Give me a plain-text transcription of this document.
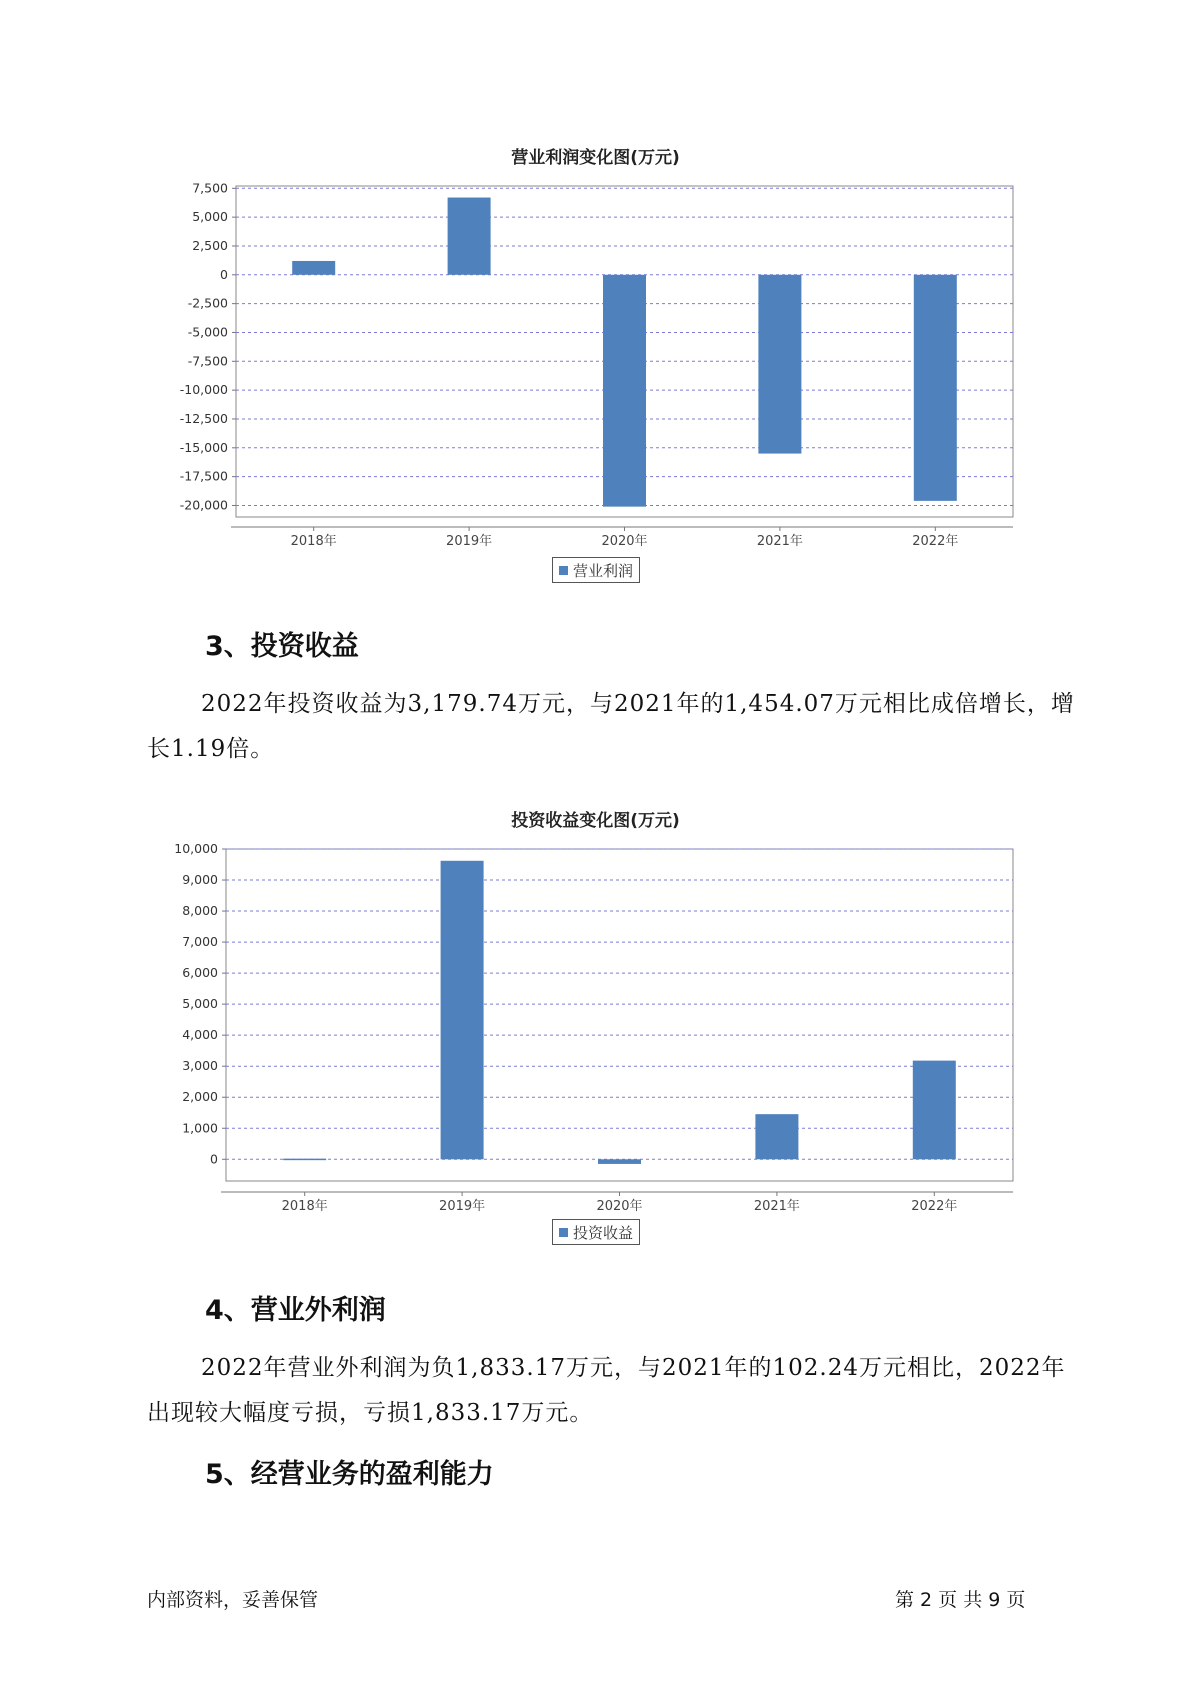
营业利润变化图(万元)
7,500
5,000
2,500
0
-2,500
-5,000
-7,500
-10,000
-12,500
-15,000
-17,500
-20,000
2018年	2019年	2020年	2021年	2022年
营业利润
3、投资收益

2022年投资收益为3,179.74万元，与2021年的1,454.07万元相比成倍增长，增长1.19倍。

投资收益变化图(万元)
10,000
9,000
8,000
7,000
6,000
5,000
4,000
3,000
2,000
1,000
0
2018年	2019年	2020年	2021年	2022年
投资收益
4、营业外利润

2022年营业外利润为负1,833.17万元，与2021年的102.24万元相比，2022年出现较大幅度亏损，亏损1,833.17万元。

5、经营业务的盈利能力
内部资料，妥善保管	第 2 页 共 9 页
